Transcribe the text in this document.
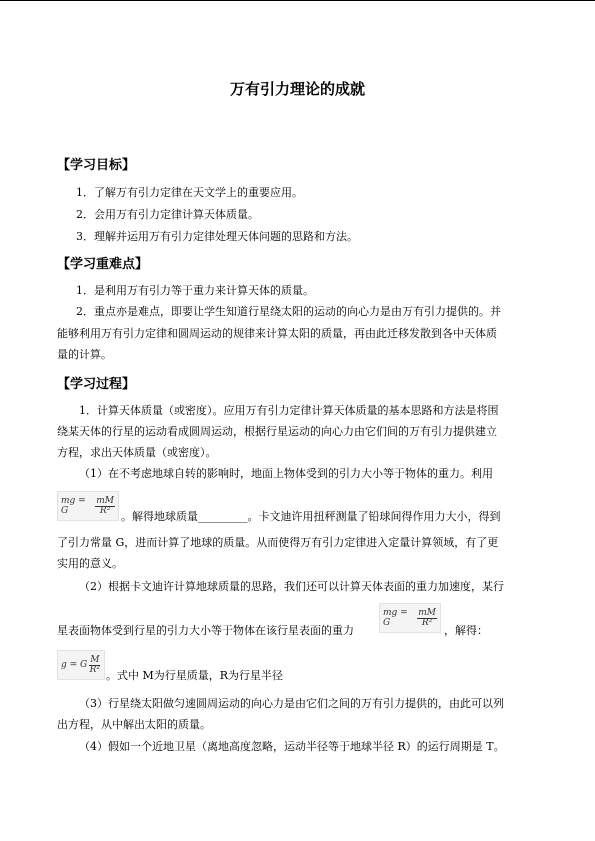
万有引力理论的成就
【学习目标】
1．了解万有引力定律在天文学上的重要应用。
2．会用万有引力定律计算天体质量。
3．理解并运用万有引力定律处理天体问题的思路和方法。
【学习重难点】
1．是利用万有引力等于重力来计算天体的质量。
2．重点亦是难点，即要让学生知道行星绕太阳的运动的向心力是由万有引力提供的。并
能够利用万有引力定律和圆周运动的规律来计算太阳的质量，再由此迁移发散到各中天体质
量的计算。
【学习过程】
1．计算天体质量（或密度）。应用万有引力定律计算天体质量的基本思路和方法是将围
绕某天体的行星的运动看成圆周运动，根据行星运动的向心力由它们间的万有引力提供建立
方程，求出天体质量（或密度）。
（1）在不考虑地球自转的影响时，地面上物体受到的引力大小等于物体的重力。利用
mg = G	$\frac{mM}{\text{R²}}$
。解得地球质量_________。卡文迪许用扭秤测量了铅球间得作用力大小，得到
了引力常量 G，进而计算了地球的质量。从而使得万有引力定律进入定量计算领域，有了更
实用的意义。
（2）根据卡文迪许计算地球质量的思路，我们还可以计算天体表面的重力加速度，某行
星表面物体受到行星的引力大小等于物体在该行星表面的重力
mg = G	$\frac{mM}{\text{R²}}$
，解得：
g = G $\frac{M}{\text{R²}}$
。式中 M为行星质量，R为行星半径
（3）行星绕太阳做匀速圆周运动的向心力是由它们之间的万有引力提供的，由此可以列
出方程，从中解出太阳的质量。
（4）假如一个近地卫星（离地高度忽略，运动半径等于地球半径 R）的运行周期是 T。
